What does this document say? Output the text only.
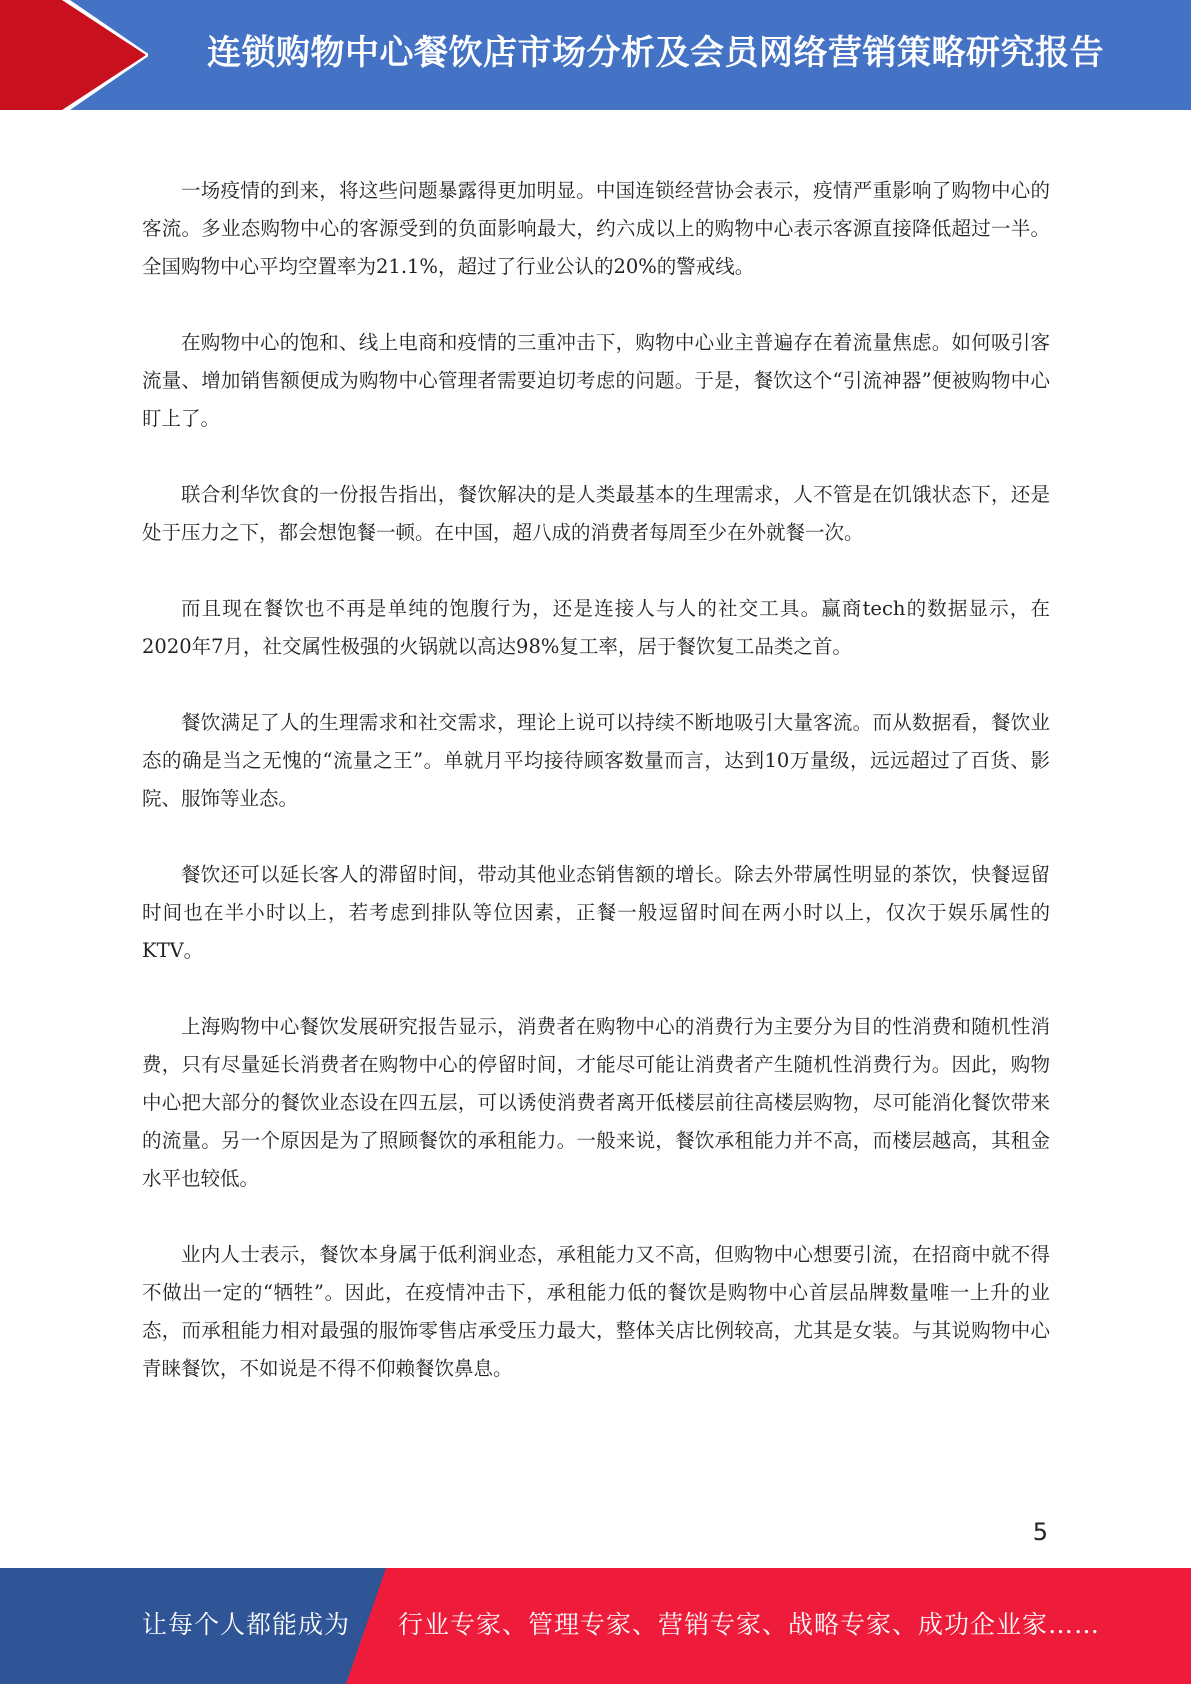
连锁购物中心餐饮店市场分析及会员网络营销策略研究报告

一场疫情的到来，将这些问题暴露得更加明显。中国连锁经营协会表示，疫情严重影响了购物中心的客流。多业态购物中心的客源受到的负面影响最大，约六成以上的购物中心表示客源直接降低超过一半。全国购物中心平均空置率为21.1%，超过了行业公认的20%的警戒线。

在购物中心的饱和、线上电商和疫情的三重冲击下，购物中心业主普遍存在着流量焦虑。如何吸引客流量、增加销售额便成为购物中心管理者需要迫切考虑的问题。于是，餐饮这个“引流神器”便被购物中心盯上了。

联合利华饮食的一份报告指出，餐饮解决的是人类最基本的生理需求，人不管是在饥饿状态下，还是处于压力之下，都会想饱餐一顿。在中国，超八成的消费者每周至少在外就餐一次。

而且现在餐饮也不再是单纯的饱腹行为，还是连接人与人的社交工具。赢商tech的数据显示，在2020年7月，社交属性极强的火锅就以高达98%复工率，居于餐饮复工品类之首。

餐饮满足了人的生理需求和社交需求，理论上说可以持续不断地吸引大量客流。而从数据看，餐饮业态的确是当之无愧的“流量之王”。单就月平均接待顾客数量而言，达到10万量级，远远超过了百货、影院、服饰等业态。

餐饮还可以延长客人的滞留时间，带动其他业态销售额的增长。除去外带属性明显的茶饮，快餐逗留时间也在半小时以上，若考虑到排队等位因素，正餐一般逗留时间在两小时以上，仅次于娱乐属性的KTV。

上海购物中心餐饮发展研究报告显示，消费者在购物中心的消费行为主要分为目的性消费和随机性消费，只有尽量延长消费者在购物中心的停留时间，才能尽可能让消费者产生随机性消费行为。因此，购物中心把大部分的餐饮业态设在四五层，可以诱使消费者离开低楼层前往高楼层购物，尽可能消化餐饮带来的流量。另一个原因是为了照顾餐饮的承租能力。一般来说，餐饮承租能力并不高，而楼层越高，其租金水平也较低。

业内人士表示，餐饮本身属于低利润业态，承租能力又不高，但购物中心想要引流，在招商中就不得不做出一定的“牺牲”。因此，在疫情冲击下，承租能力低的餐饮是购物中心首层品牌数量唯一上升的业态，而承租能力相对最强的服饰零售店承受压力最大，整体关店比例较高，尤其是女装。与其说购物中心青睐餐饮，不如说是不得不仰赖餐饮鼻息。

5
让每个人都能成为 行业专家、管理专家、营销专家、战略专家、成功企业家……
